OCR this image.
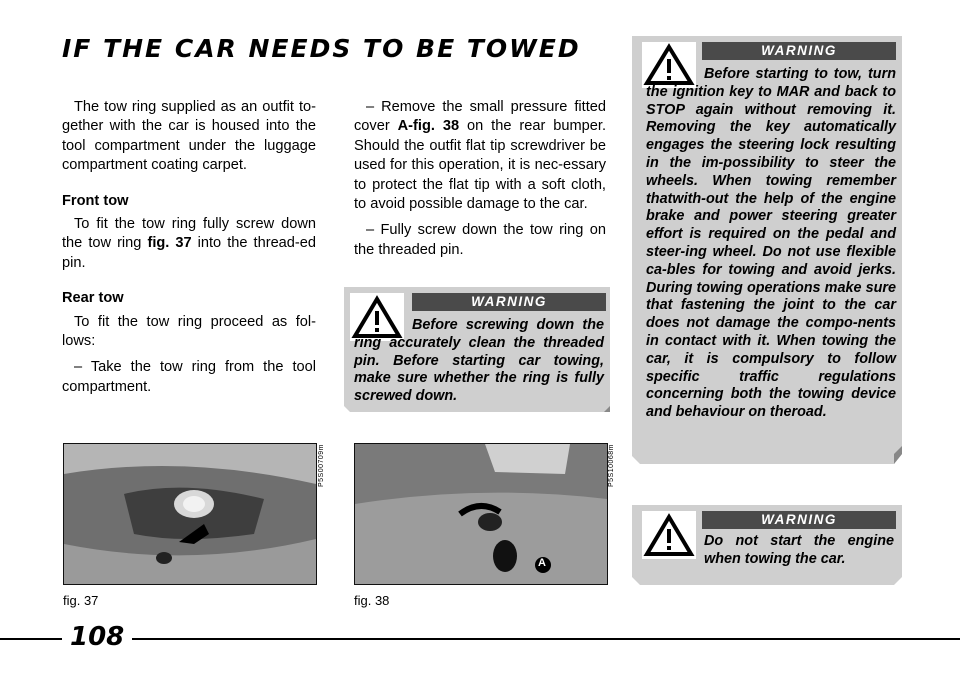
IF THE CAR NEEDS TO BE TOWED

The tow ring supplied as an outfit to-gether with the car is housed into the tool compartment under the luggage compartment coating carpet.

Front tow

To fit the tow ring fully screw down the tow ring fig. 37 into the thread-ed pin.

Rear tow

To fit the tow ring proceed as fol-lows:

– Take the tow ring from the tool compartment.

– Remove the small pressure fitted cover A-fig. 38 on the rear bumper. Should the outfit flat tip screwdriver be used for this operation, it is nec-essary to protect the flat tip with a soft cloth, to avoid possible damage to the car.

– Fully screw down the tow ring on the threaded pin.

WARNING
Before screwing down the ring accurately clean the threaded pin. Before starting car towing, make sure whether the ring is fully screwed down.
WARNING
Before starting to tow, turn the ignition key to MAR and back to STOP again without removing it. Removing the key automatically engages the steering lock resulting in the im-possibility to steer the wheels. When towing remember thatwith-out the help of the engine brake and power steering greater effort is required on the pedal and steer-ing wheel. Do not use flexible ca-bles for towing and avoid jerks. During towing operations make sure that fastening the joint to the car does not damage the compo-nents in contact with it. When towing the car, it is compulsory to follow specific traffic regulations concerning both the towing device and behaviour on theroad.
WARNING
Do not start the engine when towing the car.
P5S00709m
fig. 37
A
P5S10068m
fig. 38
108
